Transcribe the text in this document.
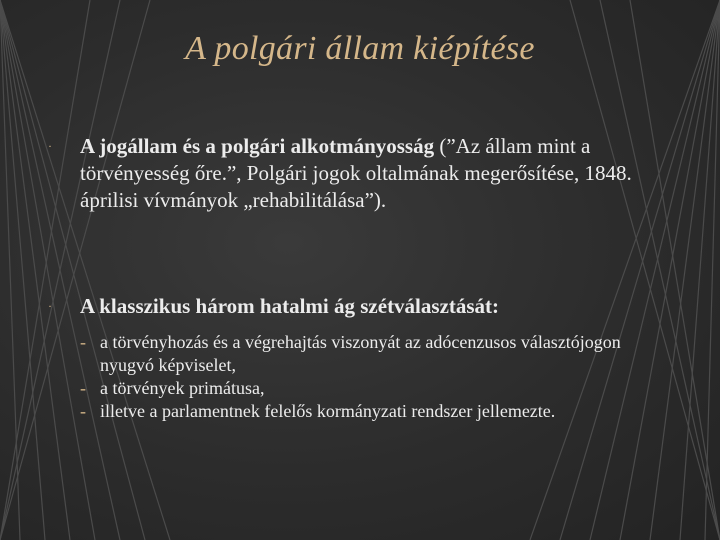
A polgári állam kiépítése
· A jogállam és a polgári alkotmányosság (”Az állam mint a törvényesség őre.”, Polgári jogok oltalmának megerősítése, 1848. áprilisi vívmányok „rehabilitálása”).
· A klasszikus három hatalmi ág szétválasztását:
- a törvényhozás és a végrehajtás viszonyát az adócenzusos választójogon nyugvó képviselet,
- a törvények primátusa,
- illetve a parlamentnek felelős kormányzati rendszer jellemezte.
